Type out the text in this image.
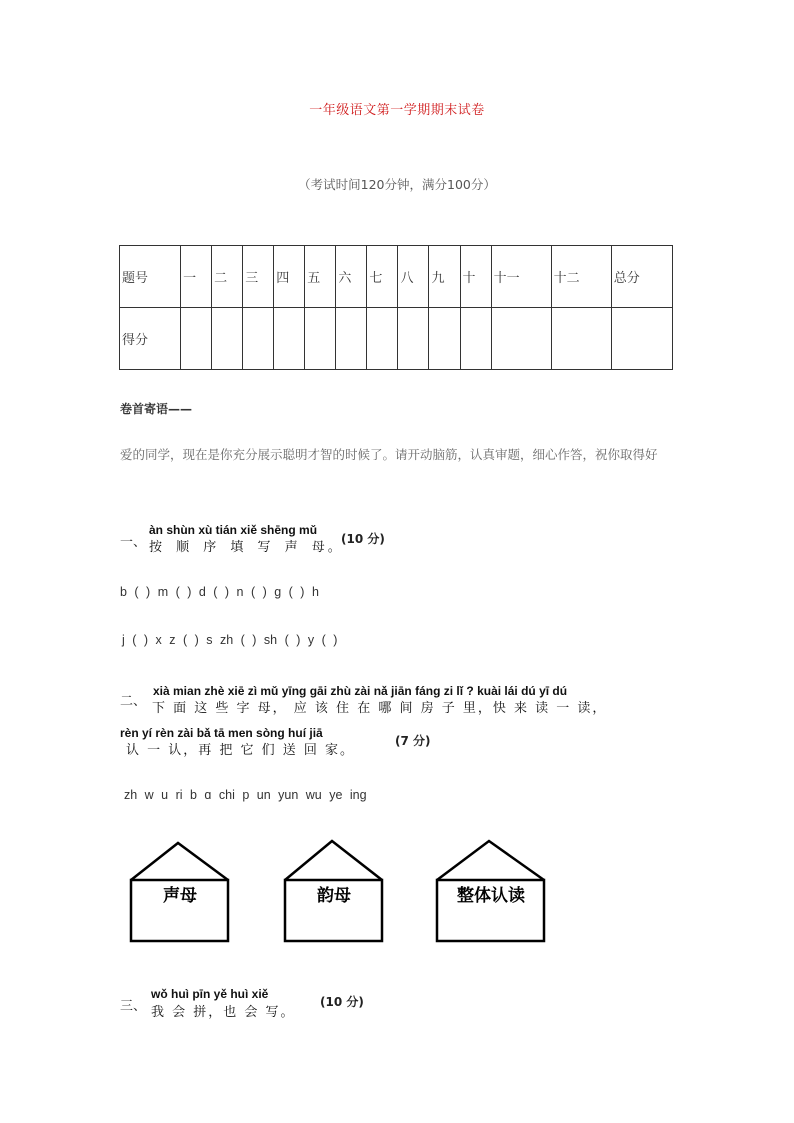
一年级语文第一学期期末试卷
（考试时间120分钟，满分100分）
题号	一	二	三	四	五	六	七	八	九	十	十一	十二	总分
得分													
卷首寄语——
爱的同学，现在是你充分展示聪明才智的时候了。请开动脑筋，认真审题，细心作答，祝你取得好
àn shùn xù tián xiě shēng mǔ
一、 按 顺 序 填 写 声 母。
(10 分)
b ( ) m ( ) d ( ) n ( ) g ( ) h
j ( ) x z ( ) s zh ( ) sh ( ) y ( )
二、
xià mian zhè xiē zì mǔ yīng gāi zhù zài nǎ jiān fáng zi lǐ ? kuài lái dú yī dú
下 面 这 些 字 母， 应 该 住 在 哪 间 房 子 里，快 来 读 一 读，
rèn yí rèn zài bǎ tā men sòng huí jiā
认 一 认，再 把 它 们 送 回 家。
(7 分)
zh w u ri b ɑ chi p un yun wu ye ing
声母	韵母	整体认读
wǒ huì pīn yě huì xiě
三、 我 会 拼，也 会 写。
(10 分)
